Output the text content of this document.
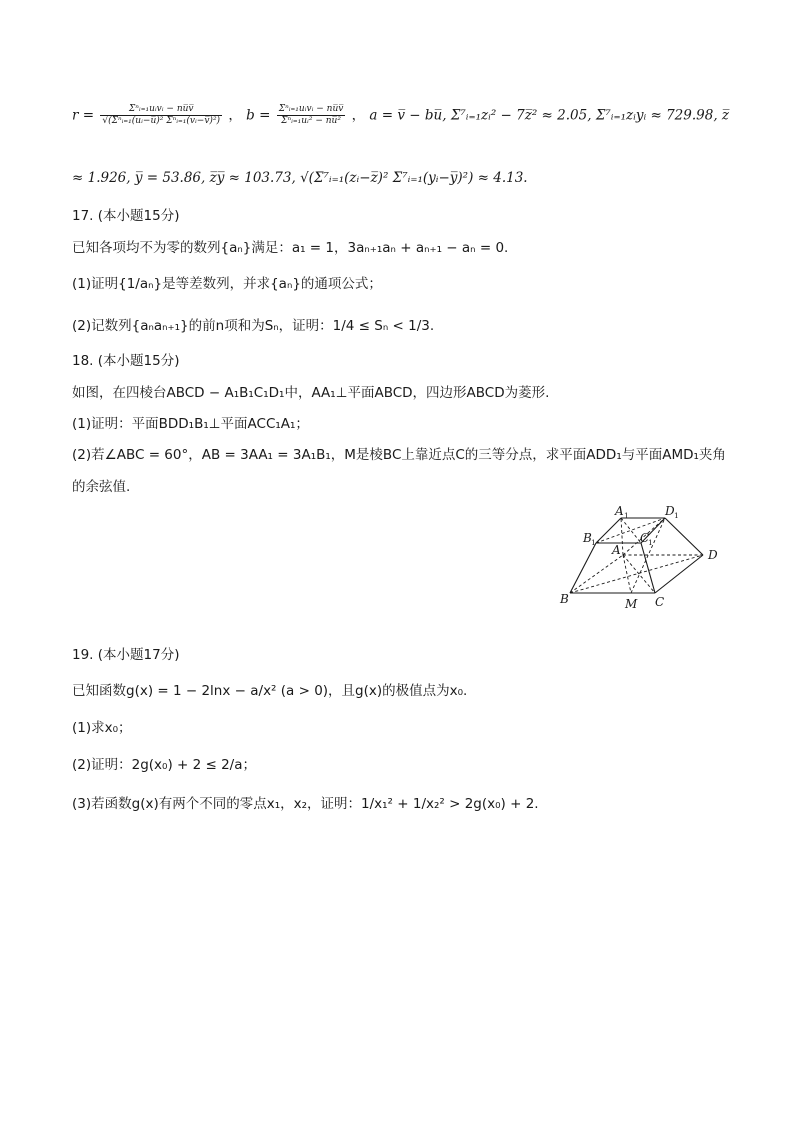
$r = \frac{\text{Σⁿᵢ₌₁uᵢvᵢ − nu̅v̅}}{\text{√(Σⁿᵢ₌₁(uᵢ−u̅)² Σⁿᵢ₌₁(vᵢ−v̅)²)}}$ ， $b = \frac{\text{Σⁿᵢ₌₁uᵢvᵢ − nu̅v̅}}{\text{Σⁿᵢ₌₁uᵢ² − nu̅²}}$ ， a = v̅ − bu̅, Σ⁷ᵢ₌₁zᵢ² − 7z̅² ≈ 2.05, Σ⁷ᵢ₌₁zᵢyᵢ ≈ 729.98, z̅
≈ 1.926, y̅ = 53.86, z̅y̅ ≈ 103.73, √(Σ⁷ᵢ₌₁(zᵢ−z̅)² Σ⁷ᵢ₌₁(yᵢ−y̅)²) ≈ 4.13.
17. (本小题15分)
已知各项均不为零的数列{aₙ}满足：a₁ = 1，3aₙ₊₁aₙ + aₙ₊₁ − aₙ = 0.
(1)证明{1/aₙ}是等差数列，并求{aₙ}的通项公式；
(2)记数列{aₙaₙ₊₁}的前n项和为Sₙ，证明：1/4 ≤ Sₙ < 1/3.
18. (本小题15分)
如图，在四棱台ABCD − A₁B₁C₁D₁中，AA₁⊥平面ABCD，四边形ABCD为菱形.
(1)证明：平面BDD₁B₁⊥平面ACC₁A₁；
(2)若∠ABC = 60°，AB = 3AA₁ = 3A₁B₁，M是棱BC上靠近点C的三等分点，求平面ADD₁与平面AMD₁夹角
的余弦值.
A 1	D 1
B 1	C
1
A	D
B	M C
19. (本小题17分)
已知函数g(x) = 1 − 2lnx − a/x² (a > 0)，且g(x)的极值点为x₀.
(1)求x₀；
(2)证明：2g(x₀) + 2 ≤ 2/a；
(3)若函数g(x)有两个不同的零点x₁，x₂，证明：1/x₁² + 1/x₂² > 2g(x₀) + 2.
